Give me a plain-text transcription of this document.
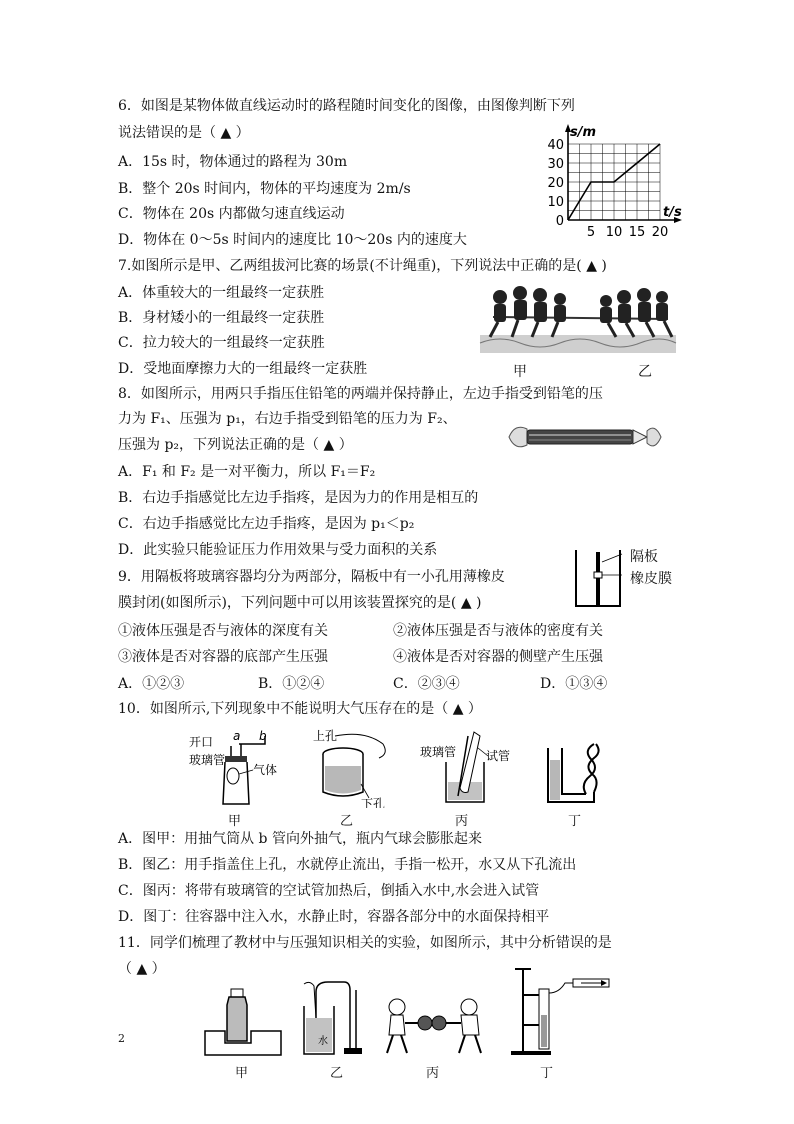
6．如图是某物体做直线运动时的路程随时间变化的图像，由图像判断下列
说法错误的是（ ▲ ）
A．15s 时，物体通过的路程为 30m
B．整个 20s 时间内，物体的平均速度为 2m/s
C．物体在 20s 内都做匀速直线运动
D．物体在 0～5s 时间内的速度比 10～20s 内的速度大
s/m
t/s
0
10
20
30
40
5 10 15 20
7.如图所示是甲、乙两组拔河比赛的场景(不计绳重)，下列说法中正确的是( ▲ )
A．体重较大的一组最终一定获胜
B．身材矮小的一组最终一定获胜
C．拉力较大的一组最终一定获胜
D．受地面摩擦力大的一组最终一定获胜	甲	乙
8．如图所示，用两只手指压住铅笔的两端并保持静止，左边手指受到铅笔的压
力为 F₁、压强为 p₁，右边手指受到铅笔的压力为 F₂、
压强为 p₂，下列说法正确的是（ ▲ ）
A．F₁ 和 F₂ 是一对平衡力，所以 F₁＝F₂
B．右边手指感觉比左边手指疼，是因为力的作用是相互的
C．右边手指感觉比左边手指疼，是因为 p₁＜p₂
D．此实验只能验证压力作用效果与受力面积的关系
9．用隔板将玻璃容器均分为两部分，隔板中有一小孔用薄橡皮
膜封闭(如图所示)，下列问题中可以用该装置探究的是( ▲ )
①液体压强是否与液体的深度有关	②液体压强是否与液体的密度有关
③液体是否对容器的底部产生压强	④液体是否对容器的侧壁产生压强
A．①②③	B．①②④	C．②③④	D．①③④
隔板
橡皮膜
10．如图所示,下列现象中不能说明大气压存在的是（ ▲ ）
开口 a b
玻璃管
气体
甲
上孔
下孔
乙
玻璃管 试管
丙	丁
A．图甲：用抽气筒从 b 管向外抽气，瓶内气球会膨胀起来
B．图乙：用手指盖住上孔，水就停止流出，手指一松开，水又从下孔流出
C．图丙：将带有玻璃管的空试管加热后，倒插入水中,水会进入试管
D．图丁：往容器中注入水，水静止时，容器各部分中的水面保持相平
11．同学们梳理了教材中与压强知识相关的实验，如图所示，其中分析错误的是
（ ▲ ）
甲
水
乙	丙	丁
2
